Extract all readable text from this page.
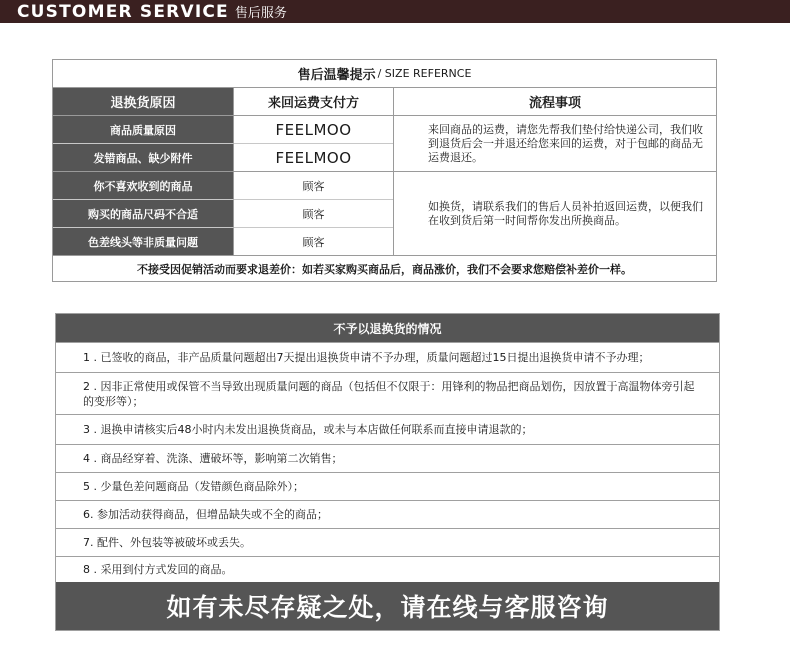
CUSTOMER SERVICE 售后服务
售后温馨提示 / SIZE REFERNCE
退换货原因	来回运费支付方	流程事项
商品质量原因	FEELMOO
发错商品、缺少附件	FEELMOO
来回商品的运费，请您先帮我们垫付给快递公司，我们收到退货后会一并退还给您来回的运费，对于包邮的商品无运费退还。
你不喜欢收到的商品	顾客
购买的商品尺码不合适	顾客
色差线头等非质量问题	顾客
如换货，请联系我们的售后人员补拍返回运费，以便我们在收到货后第一时间帮你发出所换商品。
不接受因促销活动而要求退差价：如若买家购买商品后，商品涨价，我们不会要求您赔偿补差价一样。
不予以退换货的情况
1 . 已签收的商品，非产品质量问题超出7天提出退换货申请不予办理，质量问题超过15日提出退换货申请不予办理；
2 . 因非正常使用或保管不当导致出现质量问题的商品（包括但不仅限于：用锋利的物品把商品划伤，因放置于高温物体旁引起的变形等）；
3 . 退换申请核实后48小时内未发出退换货商品，或未与本店做任何联系而直接申请退款的；
4 . 商品经穿着、洗涤、遭破坏等，影响第二次销售；
5 . 少量色差问题商品（发错颜色商品除外）；
6. 参加活动获得商品，但增品缺失或不全的商品；
7. 配件、外包装等被破坏或丢失。
8 . 采用到付方式发回的商品。
如有未尽存疑之处，请在线与客服咨询
